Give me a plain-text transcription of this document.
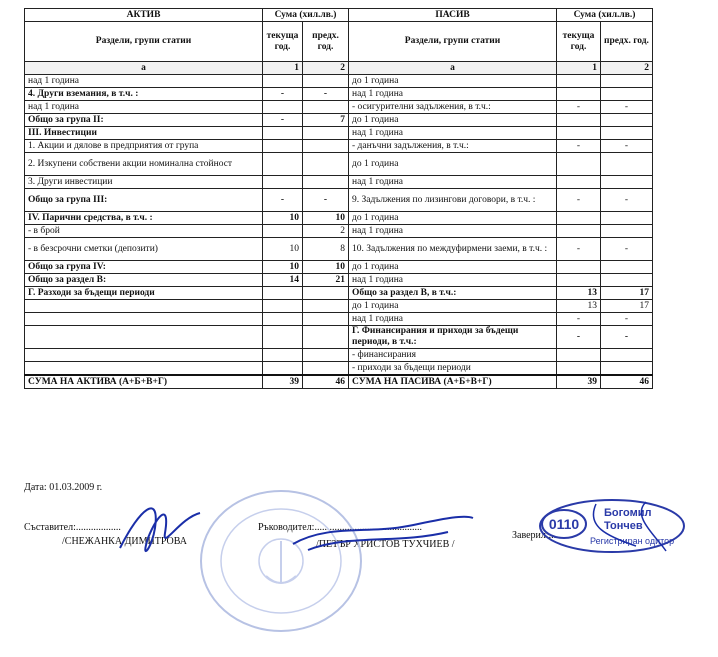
АКТИВ	Сума (хил.лв.)		ПАСИВ	Сума (хил.лв.)	
Раздели, групи статии	текуща год.	предх. год.	Раздели, групи статии	текуща год.	предх. год.
а	1	2	а	1	2
над 1 година			до 1 година		
4. Други вземания, в т.ч. :	-	-	над 1 година		
над 1 година			- осигурителни задължения, в т.ч.:	-	-
Общо за група II:	-	7	до 1 година		
III. Инвестиции			над 1 година		
1. Акции и дялове в предприятия от група			- данъчни задължения, в т.ч.:	-	-
2. Изкупени собствени акции номинална стойност			до 1 година		
3. Други инвестиции			над 1 година		
Общо за група III:	-	-	9. Задължения по лизингови договори, в т.ч. :	-	-
IV. Парични средства, в т.ч. :	10	10	до 1 година		
- в брой		2	над 1 година		
- в безсрочни сметки (депозити)	10	8	10. Задължения по междуфирмени заеми, в т.ч. :	-	-
Общо за група IV:	10	10	до 1 година		
Общо за раздел В:	14	21	над 1 година		
Г. Разходи за бъдещи периоди			Общо за раздел В, в т.ч.:	13	17
			до 1 година	13	17
			над 1 година	-	-
			Г. Финансирания и приходи за бъдещи периоди, в т.ч.:	-	-
			- финансирания		
			- приходи за бъдещи периоди		
СУМА НА АКТИВА (А+Б+В+Г)	39	46	СУМА НА ПАСИВА (А+Б+В+Г)	39	46
Дата: 01.03.2009 г.
Съставител:..................
/СНЕЖАНКА ДИМИТРОВА
Ръководител:...........................................
/ПЕТЪР ХРИСТОВ ТУХЧИЕВ /
Заверил:.....
0110
Богомил
Тончев
Регистриран одитор
